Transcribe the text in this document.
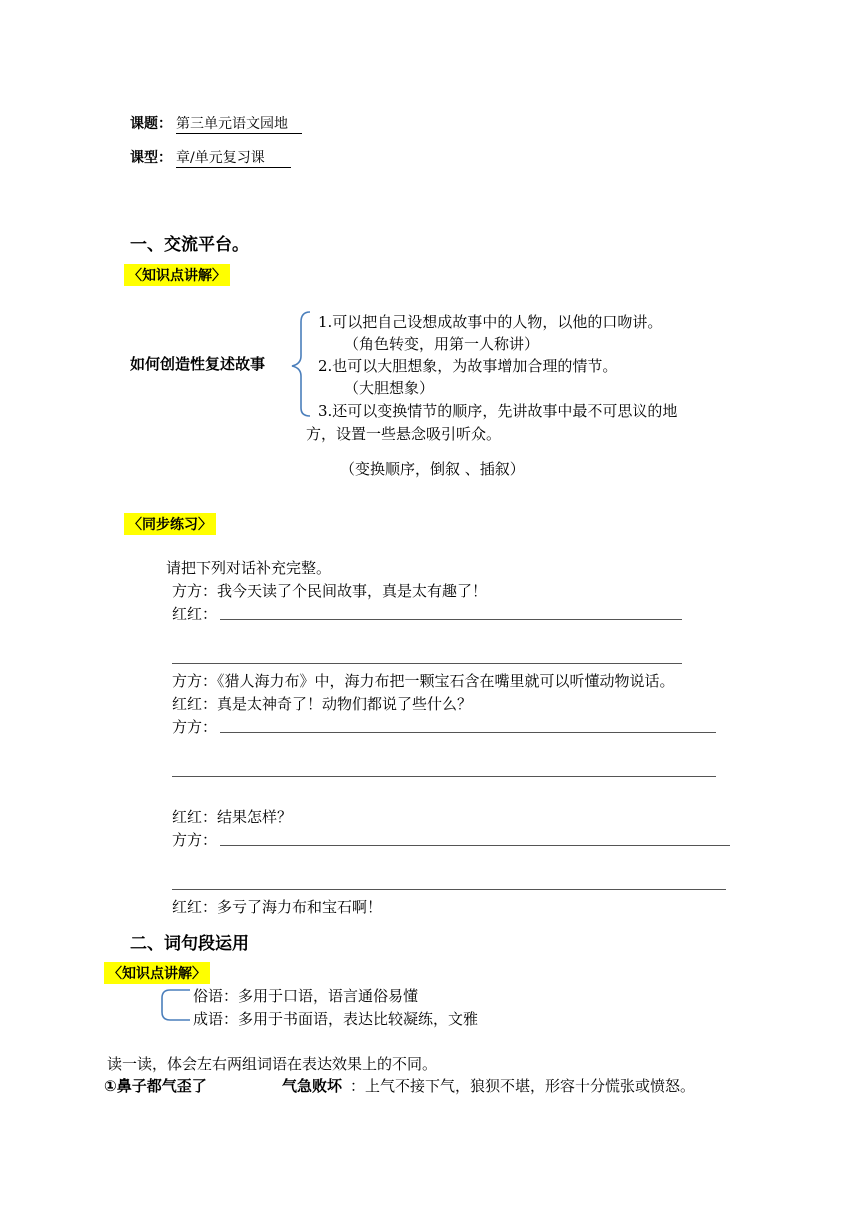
课题： 第三单元语文园地
课型： 章/单元复习课
一、交流平台。
〈知识点讲解〉
如何创造性复述故事
1.可以把自己设想成故事中的人物，以他的口吻讲。
（角色转变，用第一人称讲）
2.也可以大胆想象，为故事增加合理的情节。
（大胆想象）
3.还可以变换情节的顺序，先讲故事中最不可思议的地
方，设置一些悬念吸引听众。
（变换顺序，倒叙 、插叙）
〈同步练习〉
请把下列对话补充完整。
方方：我今天读了个民间故事，真是太有趣了！
红红：
方方：《猎人海力布》中，海力布把一颗宝石含在嘴里就可以听懂动物说话。
红红：真是太神奇了！动物们都说了些什么？
方方：
红红：结果怎样？
方方：
红红：多亏了海力布和宝石啊！
二、词句段运用
〈知识点讲解〉
俗语：多用于口语，语言通俗易懂
成语：多用于书面语，表达比较凝练，文雅
读一读，体会左右两组词语在表达效果上的不同。
①鼻子都气歪了	气急败坏 ：上气不接下气，狼狈不堪，形容十分慌张或愤怒。
